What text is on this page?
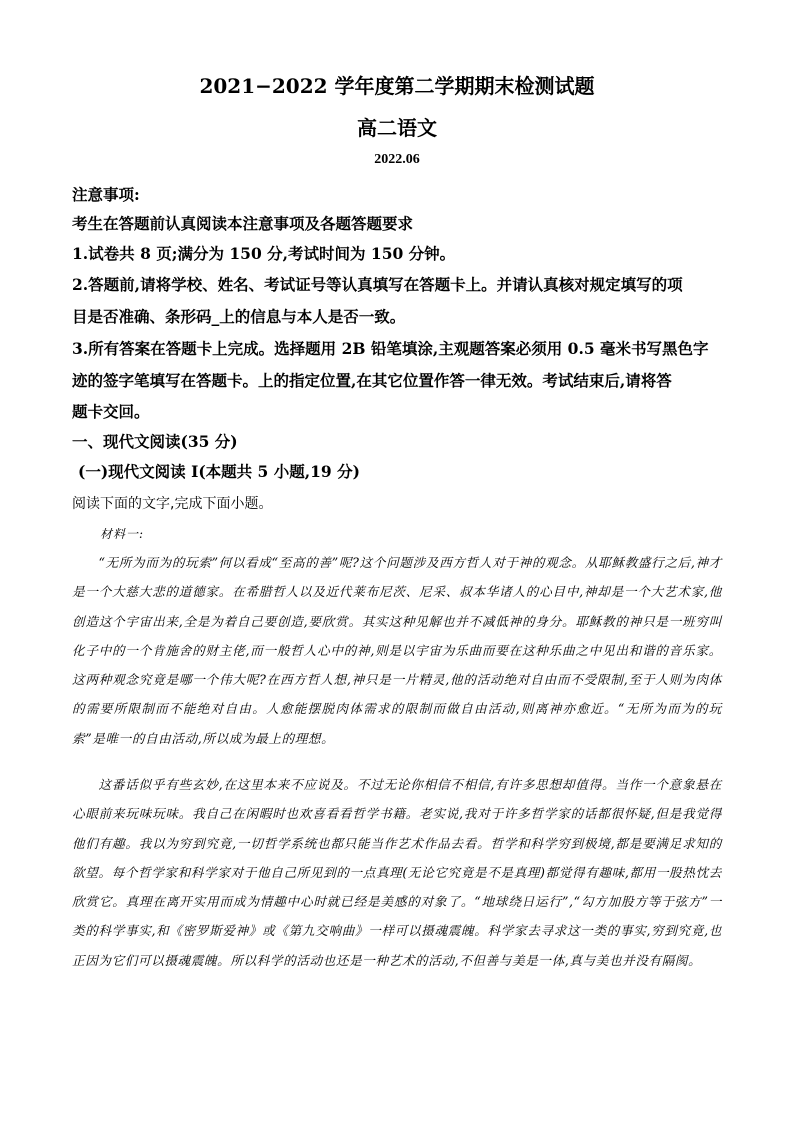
2021−2022 学年度第二学期期末检测试题
高二语文
2022.06
注意事项:
考生在答题前认真阅读本注意事项及各题答题要求
1.试卷共 8 页;满分为 150 分,考试时间为 150 分钟。
2.答题前,请将学校、姓名、考试证号等认真填写在答题卡上。并请认真核对规定填写的项
目是否准确、条形码_上的信息与本人是否一致。
3.所有答案在答题卡上完成。选择题用 2B 铅笔填涂,主观题答案必须用 0.5 毫米书写黑色字
迹的签字笔填写在答题卡。上的指定位置,在其它位置作答一律无效。考试结束后,请将答
题卡交回。
一、现代文阅读(35 分)
(一)现代文阅读 I(本题共 5 小题,19 分)
阅读下面的文字,完成下面小题。
材料一:

“无所为而为的玩索”何以看成“至高的善”呢?这个问题涉及西方哲人对于神的观念。从耶稣教盛行之后,神才是一个大慈大悲的道德家。在希腊哲人以及近代莱布尼茨、尼采、叔本华诸人的心目中,神却是一个大艺术家,他创造这个宇宙出来,全是为着自己要创造,要欣赏。其实这种见解也并不减低神的身分。耶稣教的神只是一班穷叫化子中的一个肯施舍的财主佬,而一般哲人心中的神,则是以宇宙为乐曲而要在这种乐曲之中见出和谐的音乐家。这两种观念究竟是哪一个伟大呢?在西方哲人想,神只是一片精灵,他的活动绝对自由而不受限制,至于人则为肉体的需要所限制而不能绝对自由。人愈能摆脱肉体需求的限制而做自由活动,则离神亦愈近。“无所为而为的玩索”是唯一的自由活动,所以成为最上的理想。

这番话似乎有些玄妙,在这里本来不应说及。不过无论你相信不相信,有许多思想却值得。当作一个意象悬在心眼前来玩味玩味。我自己在闲暇时也欢喜看看哲学书籍。老实说,我对于许多哲学家的话都很怀疑,但是我觉得他们有趣。我以为穷到究竟,一切哲学系统也都只能当作艺术作品去看。哲学和科学穷到极境,都是要满足求知的欲望。每个哲学家和科学家对于他自己所见到的一点真理(无论它究竟是不是真理)都觉得有趣味,都用一股热忱去欣赏它。真理在离开实用而成为情趣中心时就已经是美感的对象了。“地球绕日运行”,“勾方加股方等于弦方”一类的科学事实,和《密罗斯爱神》或《第九交响曲》一样可以摄魂震魄。科学家去寻求这一类的事实,穷到究竟,也正因为它们可以摄魂震魄。所以科学的活动也还是一种艺术的活动,不但善与美是一体,真与美也并没有隔阂。
